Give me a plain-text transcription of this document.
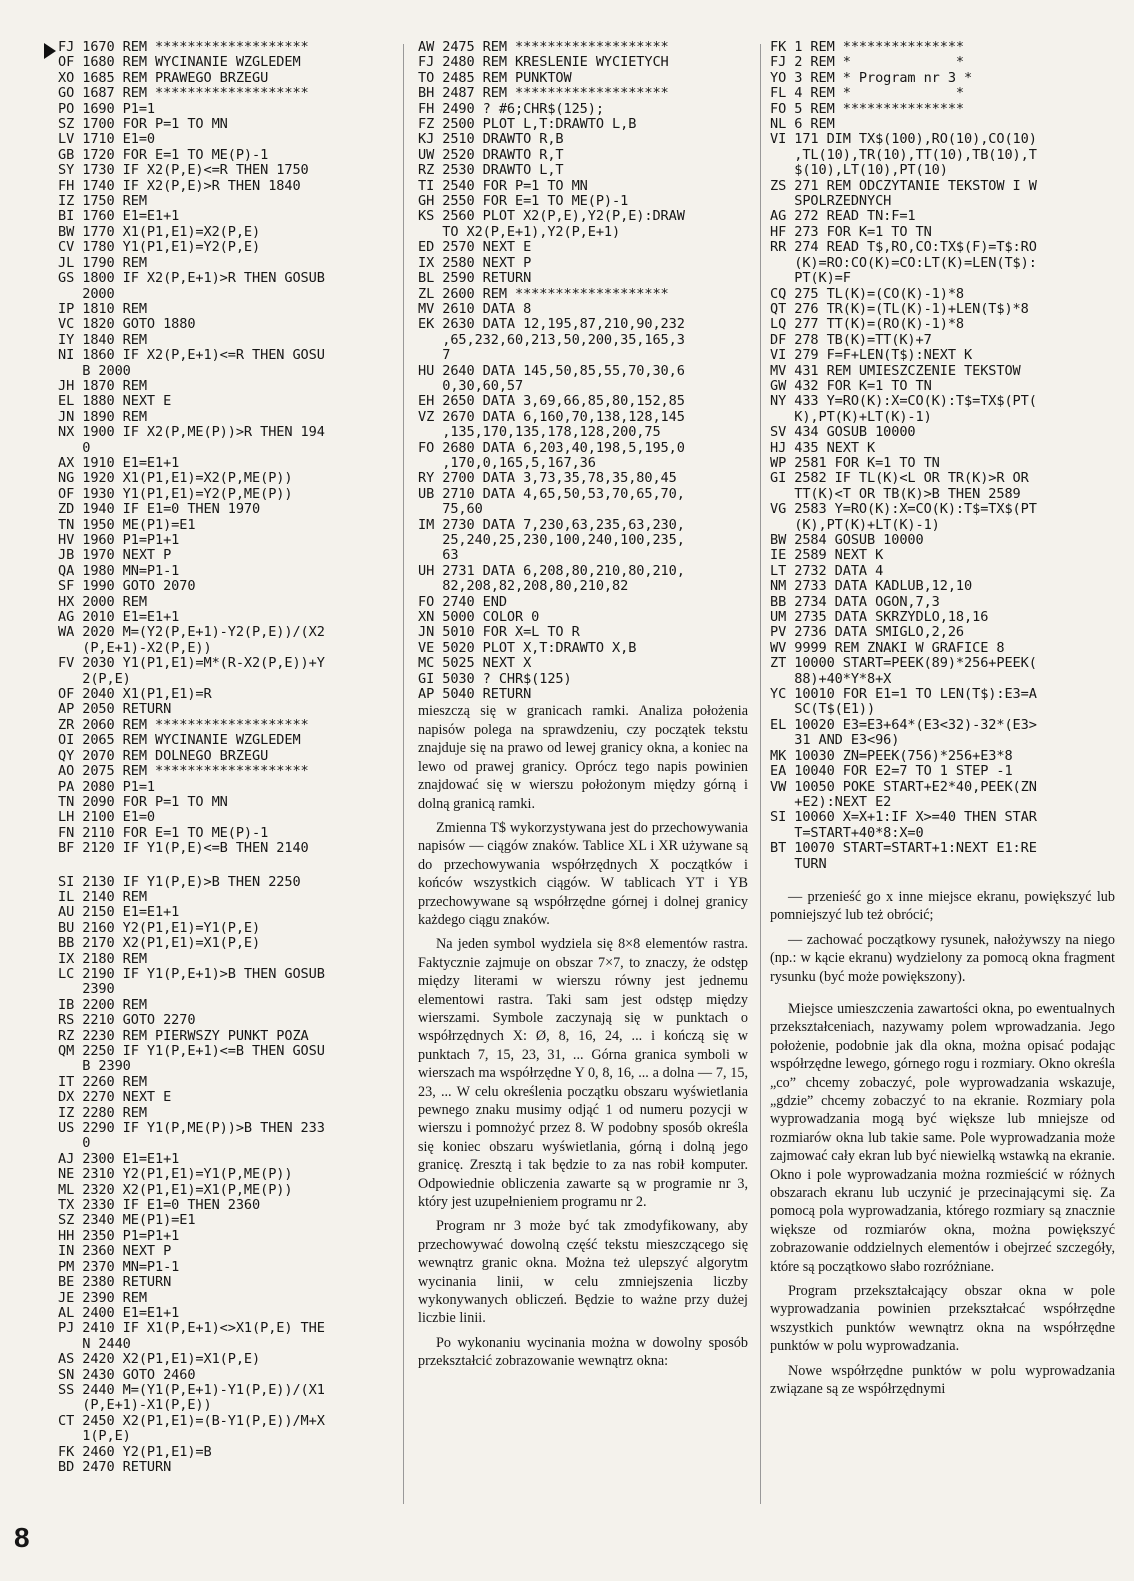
FJ 1670 REM *******************
OF 1680 REM WYCINANIE WZGLEDEM
XO 1685 REM PRAWEGO BRZEGU
GO 1687 REM *******************
PO 1690 P1=1
SZ 1700 FOR P=1 TO MN
LV 1710 E1=0
GB 1720 FOR E=1 TO ME(P)-1
SY 1730 IF X2(P,E)<=R THEN 1750
FH 1740 IF X2(P,E)>R THEN 1840
IZ 1750 REM
BI 1760 E1=E1+1
BW 1770 X1(P1,E1)=X2(P,E)
CV 1780 Y1(P1,E1)=Y2(P,E)
JL 1790 REM
GS 1800 IF X2(P,E+1)>R THEN GOSUB
2000
IP 1810 REM
VC 1820 GOTO 1880
IY 1840 REM
NI 1860 IF X2(P,E+1)<=R THEN GOSU
B 2000
JH 1870 REM
EL 1880 NEXT E
JN 1890 REM
NX 1900 IF X2(P,ME(P))>R THEN 194
0
AX 1910 E1=E1+1
NG 1920 X1(P1,E1)=X2(P,ME(P))
OF 1930 Y1(P1,E1)=Y2(P,ME(P))
ZD 1940 IF E1=0 THEN 1970
TN 1950 ME(P1)=E1
HV 1960 P1=P1+1
JB 1970 NEXT P
QA 1980 MN=P1-1
SF 1990 GOTO 2070
HX 2000 REM
AG 2010 E1=E1+1
WA 2020 M=(Y2(P,E+1)-Y2(P,E))/(X2
(P,E+1)-X2(P,E))
FV 2030 Y1(P1,E1)=M*(R-X2(P,E))+Y
2(P,E)
OF 2040 X1(P1,E1)=R
AP 2050 RETURN
ZR 2060 REM *******************
OI 2065 REM WYCINANIE WZGLEDEM
QY 2070 REM DOLNEGO BRZEGU
AO 2075 REM *******************
PA 2080 P1=1
TN 2090 FOR P=1 TO MN
LH 2100 E1=0
FN 2110 FOR E=1 TO ME(P)-1
BF 2120 IF Y1(P,E)<=B THEN 2140
SI 2130 IF Y1(P,E)>B THEN 2250
IL 2140 REM
AU 2150 E1=E1+1
BU 2160 Y2(P1,E1)=Y1(P,E)
BB 2170 X2(P1,E1)=X1(P,E)
IX 2180 REM
LC 2190 IF Y1(P,E+1)>B THEN GOSUB
2390
IB 2200 REM
RS 2210 GOTO 2270
RZ 2230 REM PIERWSZY PUNKT POZA
QM 2250 IF Y1(P,E+1)<=B THEN GOSU
B 2390
IT 2260 REM
DX 2270 NEXT E
IZ 2280 REM
US 2290 IF Y1(P,ME(P))>B THEN 233
0
AJ 2300 E1=E1+1
NE 2310 Y2(P1,E1)=Y1(P,ME(P))
ML 2320 X2(P1,E1)=X1(P,ME(P))
TX 2330 IF E1=0 THEN 2360
SZ 2340 ME(P1)=E1
HH 2350 P1=P1+1
IN 2360 NEXT P
PM 2370 MN=P1-1
BE 2380 RETURN
JE 2390 REM
AL 2400 E1=E1+1
PJ 2410 IF X1(P,E+1)<>X1(P,E) THE
N 2440
AS 2420 X2(P1,E1)=X1(P,E)
SN 2430 GOTO 2460
SS 2440 M=(Y1(P,E+1)-Y1(P,E))/(X1
(P,E+1)-X1(P,E))
CT 2450 X2(P1,E1)=(B-Y1(P,E))/M+X
1(P,E)
FK 2460 Y2(P1,E1)=B
BD 2470 RETURN
AW 2475 REM *******************
FJ 2480 REM KRESLENIE WYCIETYCH
TO 2485 REM PUNKTOW
BH 2487 REM *******************
FH 2490 ? #6;CHR$(125);
FZ 2500 PLOT L,T:DRAWTO L,B
KJ 2510 DRAWTO R,B
UW 2520 DRAWTO R,T
RZ 2530 DRAWTO L,T
TI 2540 FOR P=1 TO MN
GH 2550 FOR E=1 TO ME(P)-1
KS 2560 PLOT X2(P,E),Y2(P,E):DRAW
TO X2(P,E+1),Y2(P,E+1)
ED 2570 NEXT E
IX 2580 NEXT P
BL 2590 RETURN
ZL 2600 REM *******************
MV 2610 DATA 8
EK 2630 DATA 12,195,87,210,90,232
,65,232,60,213,50,200,35,165,3
7
HU 2640 DATA 145,50,85,55,70,30,6
0,30,60,57
EH 2650 DATA 3,69,66,85,80,152,85
VZ 2670 DATA 6,160,70,138,128,145
,135,170,135,178,128,200,75
FO 2680 DATA 6,203,40,198,5,195,0
,170,0,165,5,167,36
RY 2700 DATA 3,73,35,78,35,80,45
UB 2710 DATA 4,65,50,53,70,65,70,
75,60
IM 2730 DATA 7,230,63,235,63,230,
25,240,25,230,100,240,100,235,
63
UH 2731 DATA 6,208,80,210,80,210,
82,208,82,208,80,210,82
FO 2740 END
XN 5000 COLOR 0
JN 5010 FOR X=L TO R
VE 5020 PLOT X,T:DRAWTO X,B
MC 5025 NEXT X
GI 5030 ? CHR$(125)
AP 5040 RETURN

mieszczą się w granicach ramki. Analiza położenia napisów polega na sprawdzeniu, czy początek tekstu znajduje się na prawo od lewej granicy okna, a koniec na lewo od prawej granicy. Oprócz tego napis powinien znajdować się w wierszu położonym między górną i dolną granicą ramki.

Zmienna T$ wykorzystywana jest do przechowywania napisów — ciągów znaków. Tablice XL i XR używane są do przechowywania współrzędnych X początków i końców wszystkich ciągów. W tablicach YT i YB przechowywane są współrzędne górnej i dolnej granicy każdego ciągu znaków.

Na jeden symbol wydziela się 8×8 elementów rastra. Faktycznie zajmuje on obszar 7×7, to znaczy, że odstęp między literami w wierszu równy jest jednemu elementowi rastra. Taki sam jest odstęp między wierszami. Symbole zaczynają się w punktach o współrzędnych X: Ø, 8, 16, 24, ... i kończą się w punktach 7, 15, 23, 31, ... Górna granica symboli w wierszach ma współrzędne Y 0, 8, 16, ... a dolna — 7, 15, 23, ... W celu określenia początku obszaru wyświetlania pewnego znaku musimy odjąć 1 od numeru pozycji w wierszu i pomnożyć przez 8. W podobny sposób określa się koniec obszaru wyświetlania, górną i dolną jego granicę. Zresztą i tak będzie to za nas robił komputer. Odpowiednie obliczenia zawarte są w programie nr 3, który jest uzupełnieniem programu nr 2.

Program nr 3 może być tak zmodyfikowany, aby przechowywać dowolną część tekstu mieszczącego się wewnątrz granic okna. Można też ulepszyć algorytm wycinania linii, w celu zmniejszenia liczby wykonywanych obliczeń. Będzie to ważne przy dużej liczbie linii.

Po wykonaniu wycinania można w dowolny sposób przekształcić zobrazowanie wewnątrz okna:

FK 1 REM ***************
FJ 2 REM *             *
YO 3 REM * Program nr 3 *
FL 4 REM *             *
FO 5 REM ***************
NL 6 REM
VI 171 DIM TX$(100),RO(10),CO(10)
,TL(10),TR(10),TT(10),TB(10),T
$(10),LT(10),PT(10)
ZS 271 REM ODCZYTANIE TEKSTOW I W
SPOLRZEDNYCH
AG 272 READ TN:F=1
HF 273 FOR K=1 TO TN
RR 274 READ T$,RO,CO:TX$(F)=T$:RO
(K)=RO:CO(K)=CO:LT(K)=LEN(T$):
PT(K)=F
CQ 275 TL(K)=(CO(K)-1)*8
QT 276 TR(K)=(TL(K)-1)+LEN(T$)*8
LQ 277 TT(K)=(RO(K)-1)*8
DF 278 TB(K)=TT(K)+7
VI 279 F=F+LEN(T$):NEXT K
MV 431 REM UMIESZCZENIE TEKSTOW
GW 432 FOR K=1 TO TN
NY 433 Y=RO(K):X=CO(K):T$=TX$(PT(
K),PT(K)+LT(K)-1)
SV 434 GOSUB 10000
HJ 435 NEXT K
WP 2581 FOR K=1 TO TN
GI 2582 IF TL(K)<L OR TR(K)>R OR
TT(K)<T OR TB(K)>B THEN 2589
VG 2583 Y=RO(K):X=CO(K):T$=TX$(PT
(K),PT(K)+LT(K)-1)
BW 2584 GOSUB 10000
IE 2589 NEXT K
LT 2732 DATA 4
NM 2733 DATA KADLUB,12,10
BB 2734 DATA OGON,7,3
UM 2735 DATA SKRZYDLO,18,16
PV 2736 DATA SMIGLO,2,26
WV 9999 REM ZNAKI W GRAFICE 8
ZT 10000 START=PEEK(89)*256+PEEK(
88)+40*Y*8+X
YC 10010 FOR E1=1 TO LEN(T$):E3=A
SC(T$(E1))
EL 10020 E3=E3+64*(E3<32)-32*(E3>
31 AND E3<96)
MK 10030 ZN=PEEK(756)*256+E3*8
EA 10040 FOR E2=7 TO 1 STEP -1
VW 10050 POKE START+E2*40,PEEK(ZN
+E2):NEXT E2
SI 10060 X=X+1:IF X>=40 THEN STAR
T=START+40*8:X=0
BT 10070 START=START+1:NEXT E1:RE
TURN

— przenieść go x inne miejsce ekranu, powiększyć lub pomniejszyć lub też obrócić;

— zachować początkowy rysunek, nałożywszy na niego (np.: w kącie ekranu) wydzielony za pomocą okna fragment rysunku (być może powiększony).

Miejsce umieszczenia zawartości okna, po ewentualnych przekształceniach, nazywamy polem wprowadzania. Jego położenie, podobnie jak dla okna, można opisać podając współrzędne lewego, górnego rogu i rozmiary. Okno określa „co” chcemy zobaczyć, pole wyprowadzania wskazuje, „gdzie” chcemy zobaczyć to na ekranie. Rozmiary pola wyprowadzania mogą być większe lub mniejsze od rozmiarów okna lub takie same. Pole wyprowadzania może zajmować cały ekran lub być niewielką wstawką na ekranie. Okno i pole wyprowadzania można rozmieścić w różnych obszarach ekranu lub uczynić je przecinającymi się. Za pomocą pola wyprowadzania, którego rozmiary są znacznie większe od rozmiarów okna, można powiększyć zobrazowanie oddzielnych elementów i obejrzeć szczegóły, które są początkowo słabo rozróżniane.

Program przekształcający obszar okna w pole wyprowadzania powinien przekształcać współrzędne wszystkich punktów wewnątrz okna na współrzędne punktów w polu wyprowadzania.

Nowe współrzędne punktów w polu wyprowadzania związane są ze współrzędnymi

8
